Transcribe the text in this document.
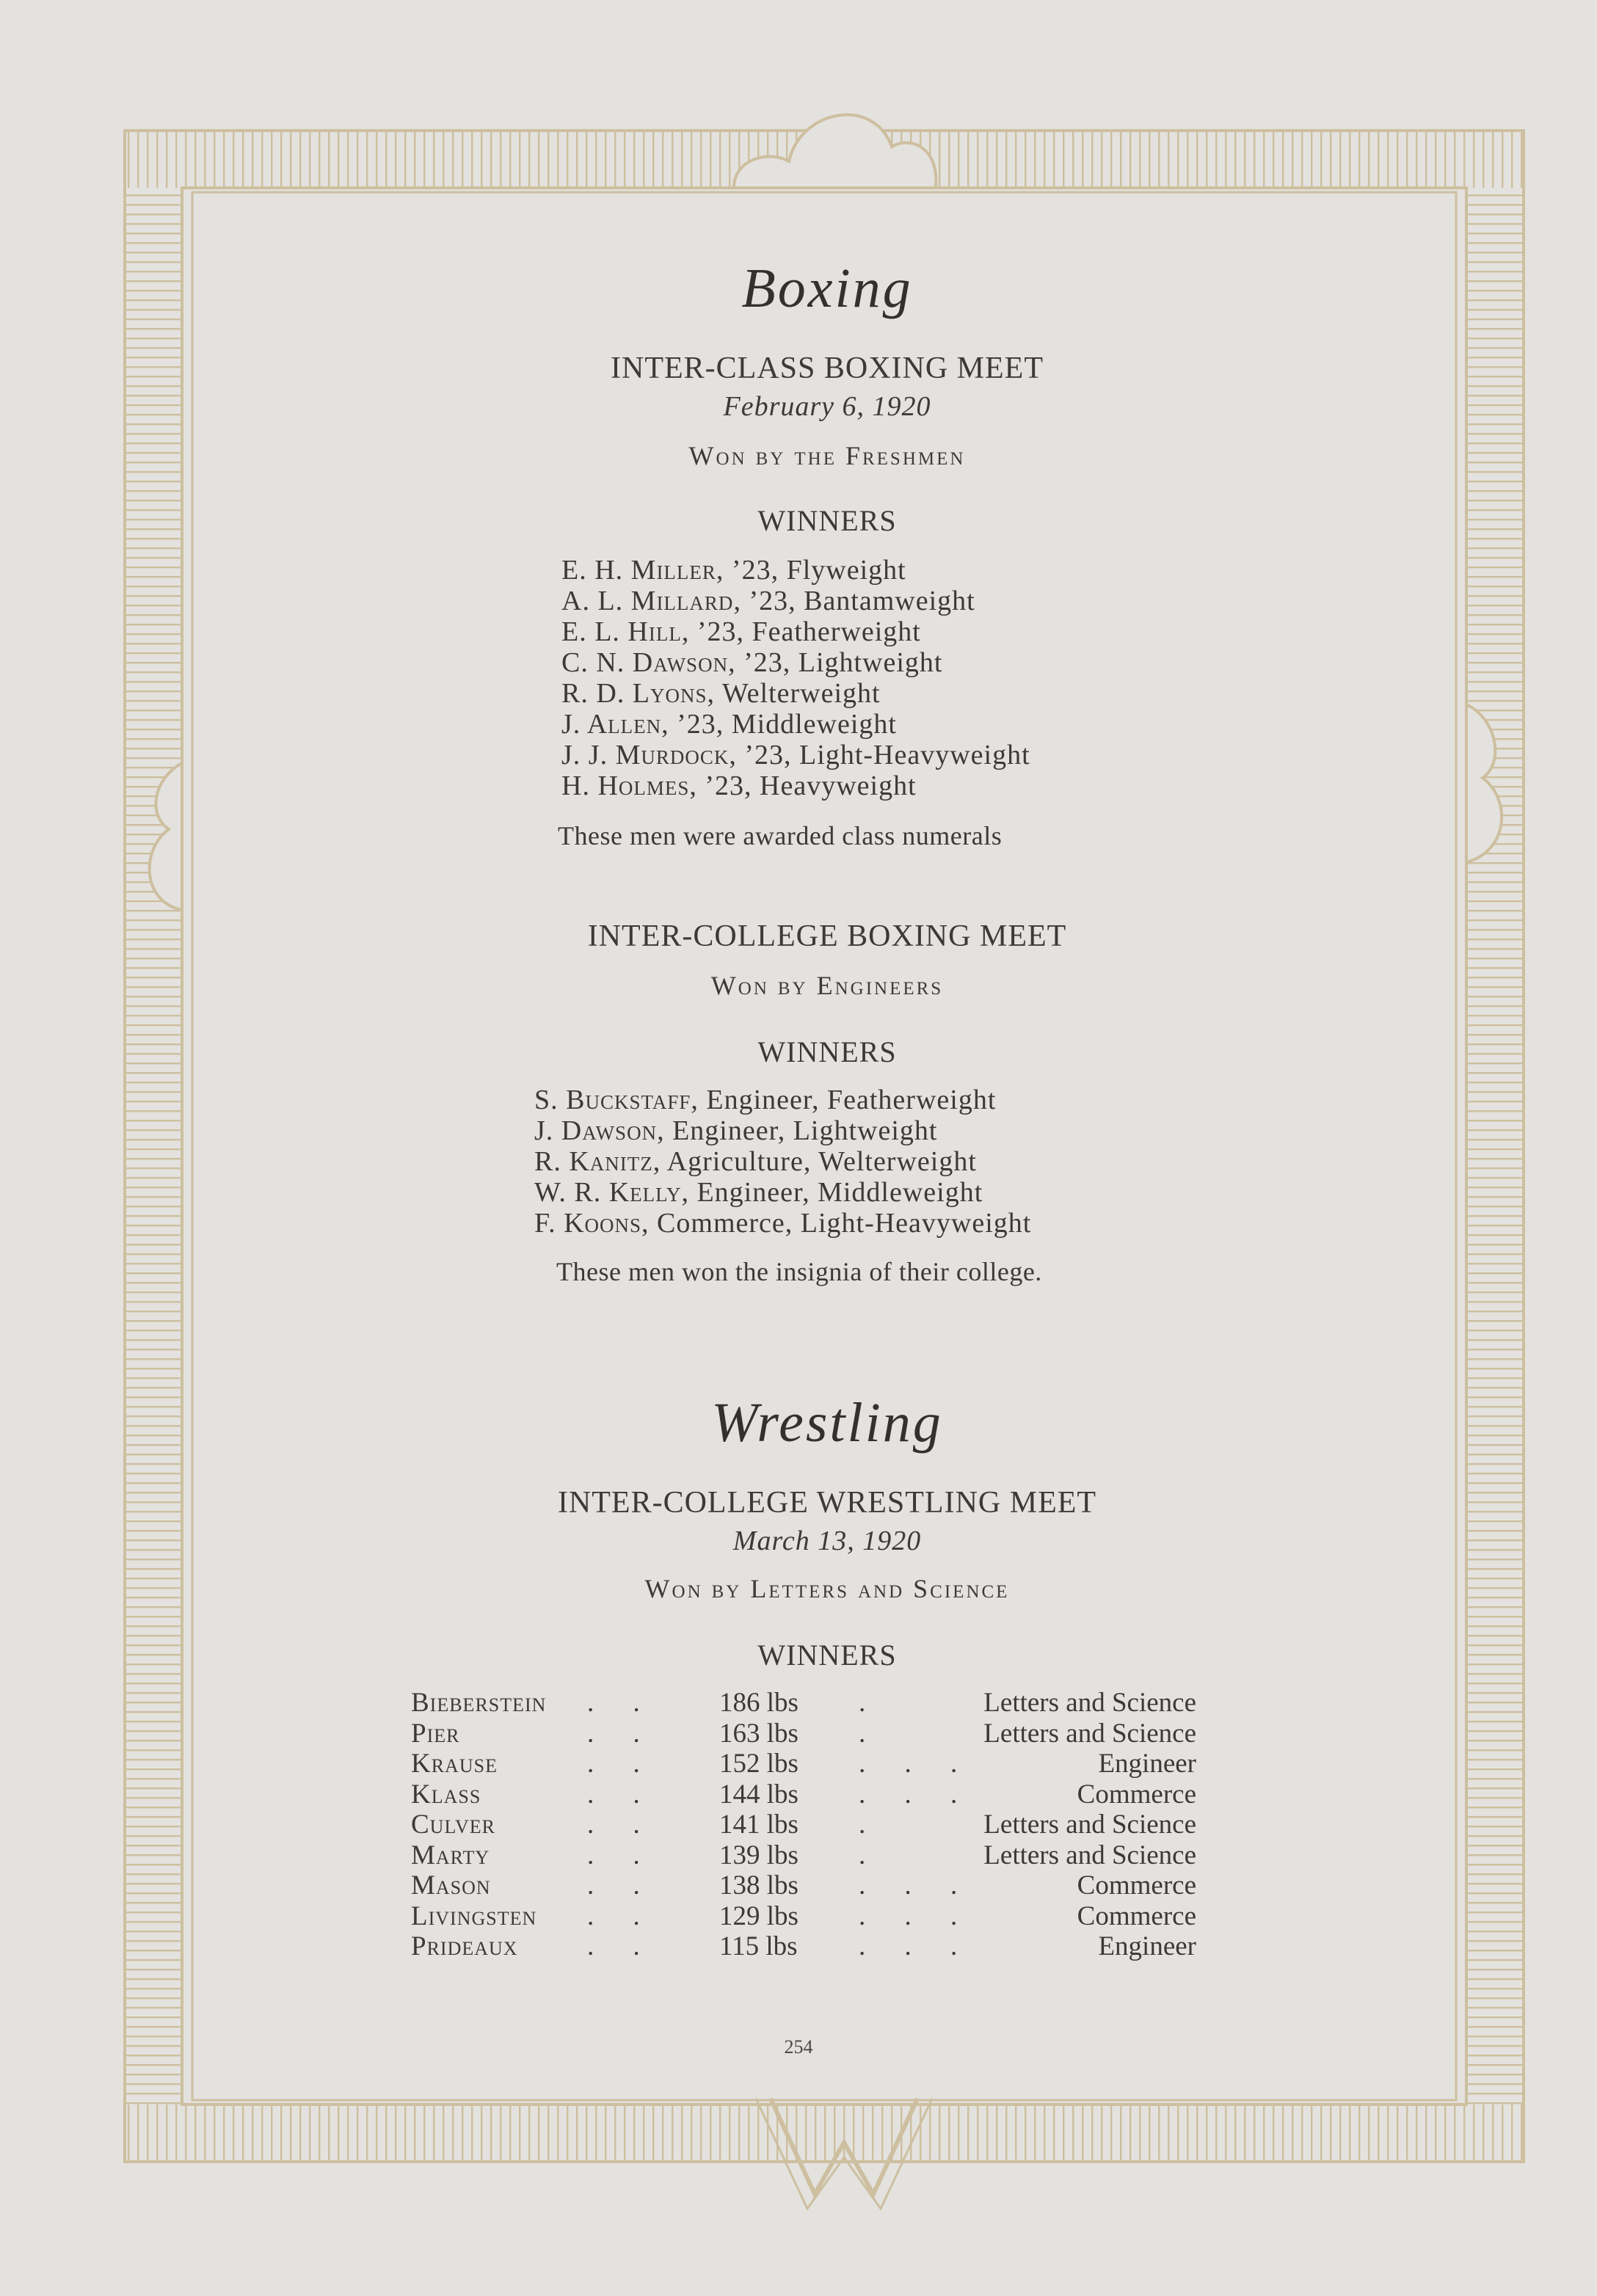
Boxing
INTER-CLASS BOXING MEET
February 6, 1920
Won by the Freshmen
WINNERS
E. H. Miller, ’23, Flyweight
A. L. Millard, ’23, Bantamweight
E. L. Hill, ’23, Featherweight
C. N. Dawson, ’23, Lightweight
R. D. Lyons, Welterweight
J. Allen, ’23, Middleweight
J. J. Murdock, ’23, Light-Heavyweight
H. Holmes, ’23, Heavyweight
These men were awarded class numerals
INTER-COLLEGE BOXING MEET
Won by Engineers
WINNERS
S. Buckstaff, Engineer, Featherweight
J. Dawson, Engineer, Lightweight
R. Kanitz, Agriculture, Welterweight
W. R. Kelly, Engineer, Middleweight
F. Koons, Commerce, Light-Heavyweight
These men won the insignia of their college.
Wrestling
INTER-COLLEGE WRESTLING MEET
March 13, 1920
Won by Letters and Science
WINNERS
Bieberstein	. .	186 lbs	.	Letters and Science
Pier	. .	163 lbs	.	Letters and Science
Krause	. .	152 lbs	. . .	Engineer
Klass	. .	144 lbs	. . .	Commerce
Culver	. .	141 lbs	.	Letters and Science
Marty	. .	139 lbs	.	Letters and Science
Mason	. .	138 lbs	. . .	Commerce
Livingsten	. .	129 lbs	. . .	Commerce
Prideaux	. .	115 lbs	. . .	Engineer
254
